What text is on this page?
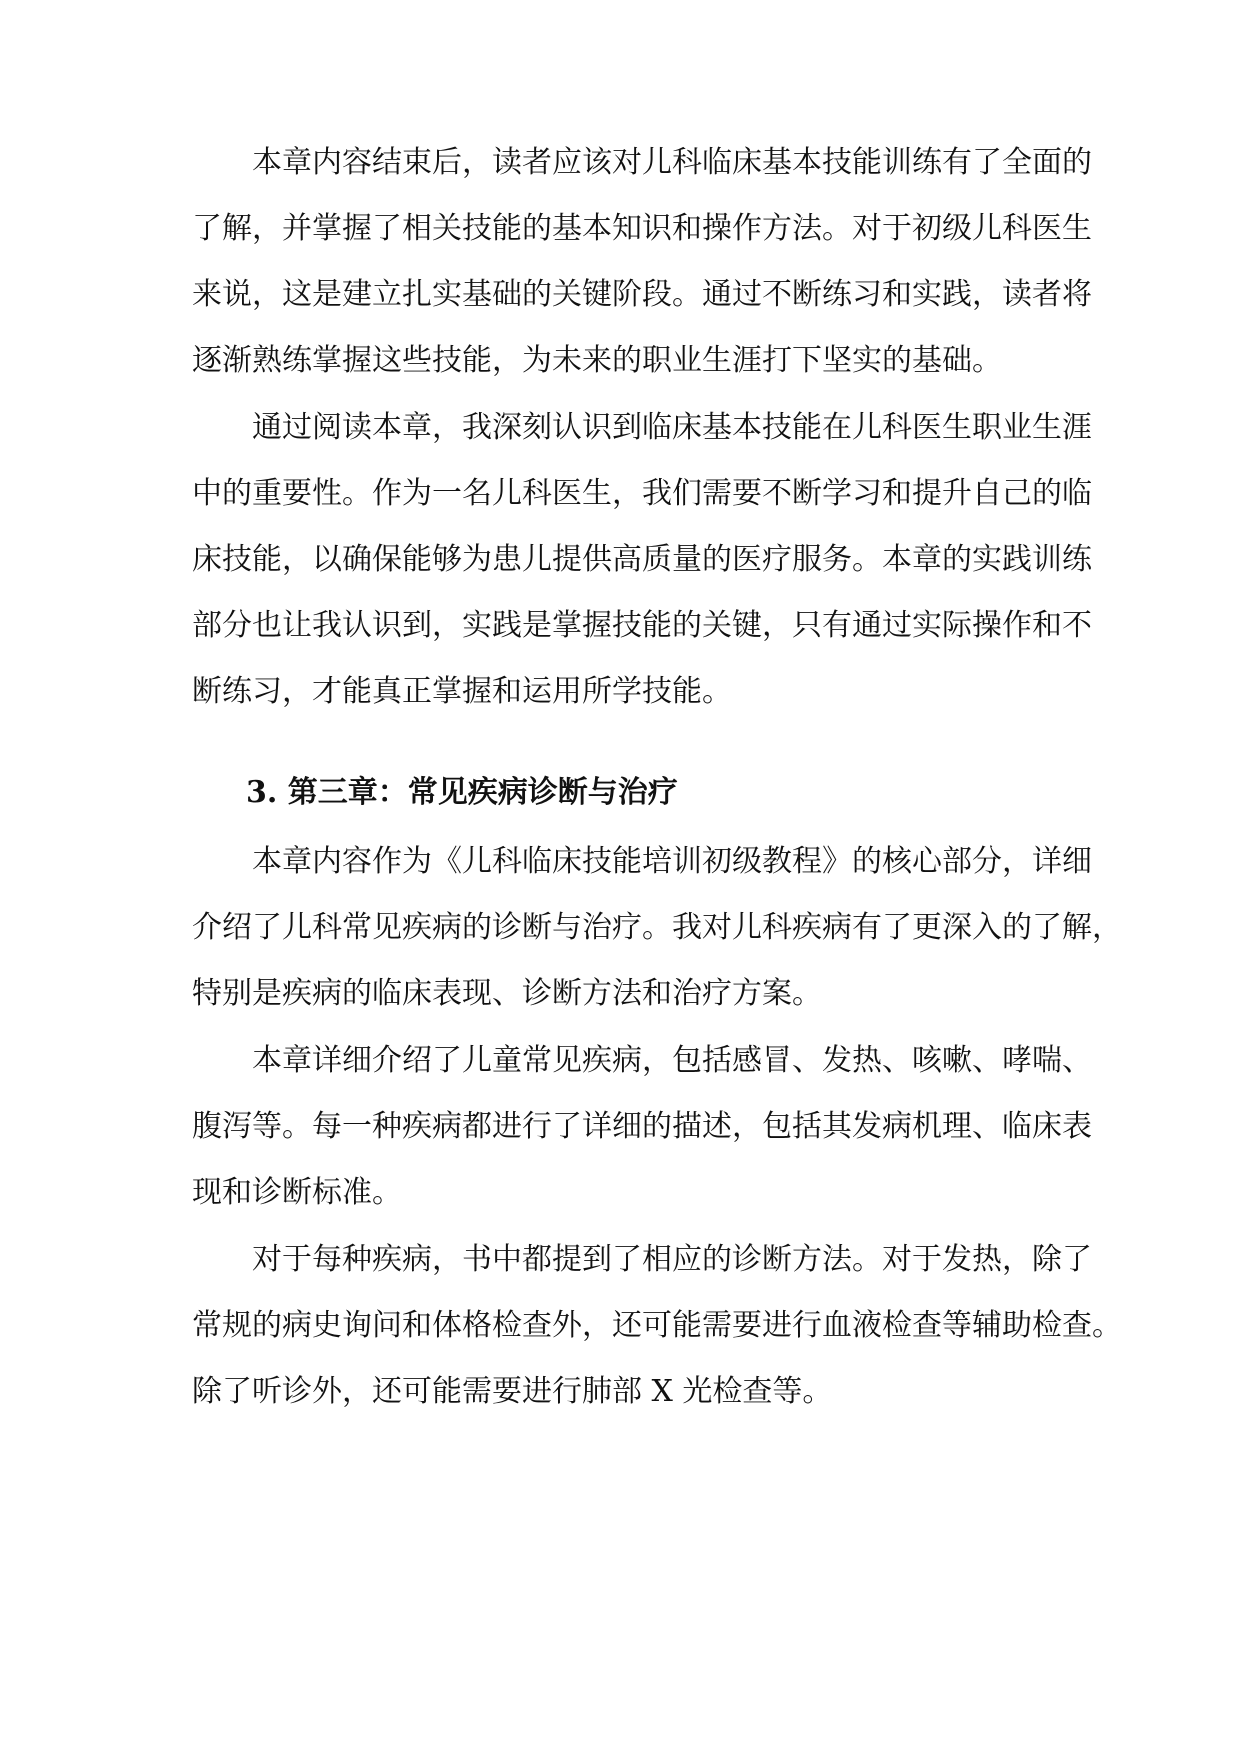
本章内容结束后，读者应该对儿科临床基本技能训练有了全面的

了解，并掌握了相关技能的基本知识和操作方法。对于初级儿科医生

来说，这是建立扎实基础的关键阶段。通过不断练习和实践，读者将

逐渐熟练掌握这些技能，为未来的职业生涯打下坚实的基础。

通过阅读本章，我深刻认识到临床基本技能在儿科医生职业生涯

中的重要性。作为一名儿科医生，我们需要不断学习和提升自己的临

床技能，以确保能够为患儿提供高质量的医疗服务。本章的实践训练

部分也让我认识到，实践是掌握技能的关键，只有通过实际操作和不

断练习，才能真正掌握和运用所学技能。

3. 第三章：常见疾病诊断与治疗

本章内容作为《儿科临床技能培训初级教程》的核心部分，详细

介绍了儿科常见疾病的诊断与治疗。我对儿科疾病有了更深入的了解，

特别是疾病的临床表现、诊断方法和治疗方案。

本章详细介绍了儿童常见疾病，包括感冒、发热、咳嗽、哮喘、

腹泻等。每一种疾病都进行了详细的描述，包括其发病机理、临床表

现和诊断标准。

对于每种疾病，书中都提到了相应的诊断方法。对于发热，除了

常规的病史询问和体格检查外，还可能需要进行血液检查等辅助检查。

除了听诊外，还可能需要进行肺部 X 光检查等。
